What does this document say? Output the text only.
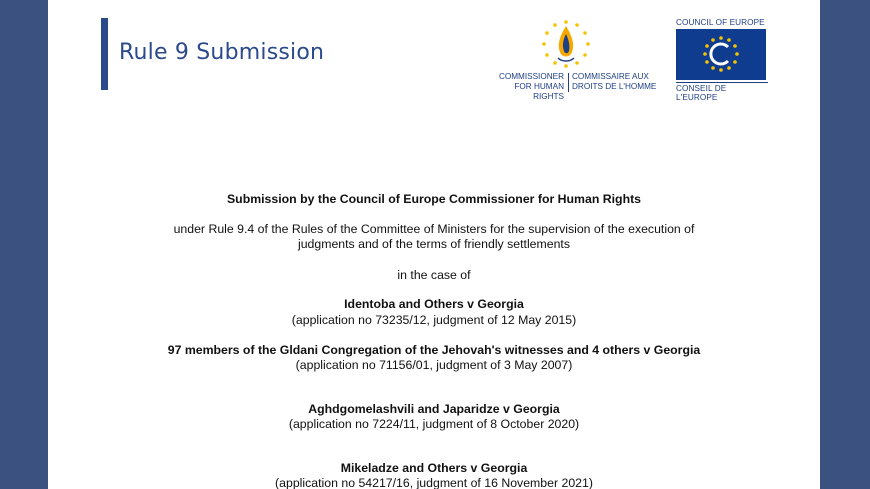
Rule 9 Submission
COMMISSIONER
FOR HUMAN RIGHTS
COMMISSAIRE AUX
DROITS DE L'HOMME
COUNCIL OF EUROPE
CONSEIL DE L'EUROPE
Submission by the Council of Europe Commissioner for Human Rights
under Rule 9.4 of the Rules of the Committee of Ministers for the supervision of the execution of
judgments and of the terms of friendly settlements
in the case of
Identoba and Others v Georgia
(application no 73235/12, judgment of 12 May 2015)
97 members of the Gldani Congregation of the Jehovah's witnesses and 4 others v Georgia
(application no 71156/01, judgment of 3 May 2007)
Aghdgomelashvili and Japaridze v Georgia
(application no 7224/11, judgment of 8 October 2020)
Mikeladze and Others v Georgia
(application no 54217/16, judgment of 16 November 2021)
